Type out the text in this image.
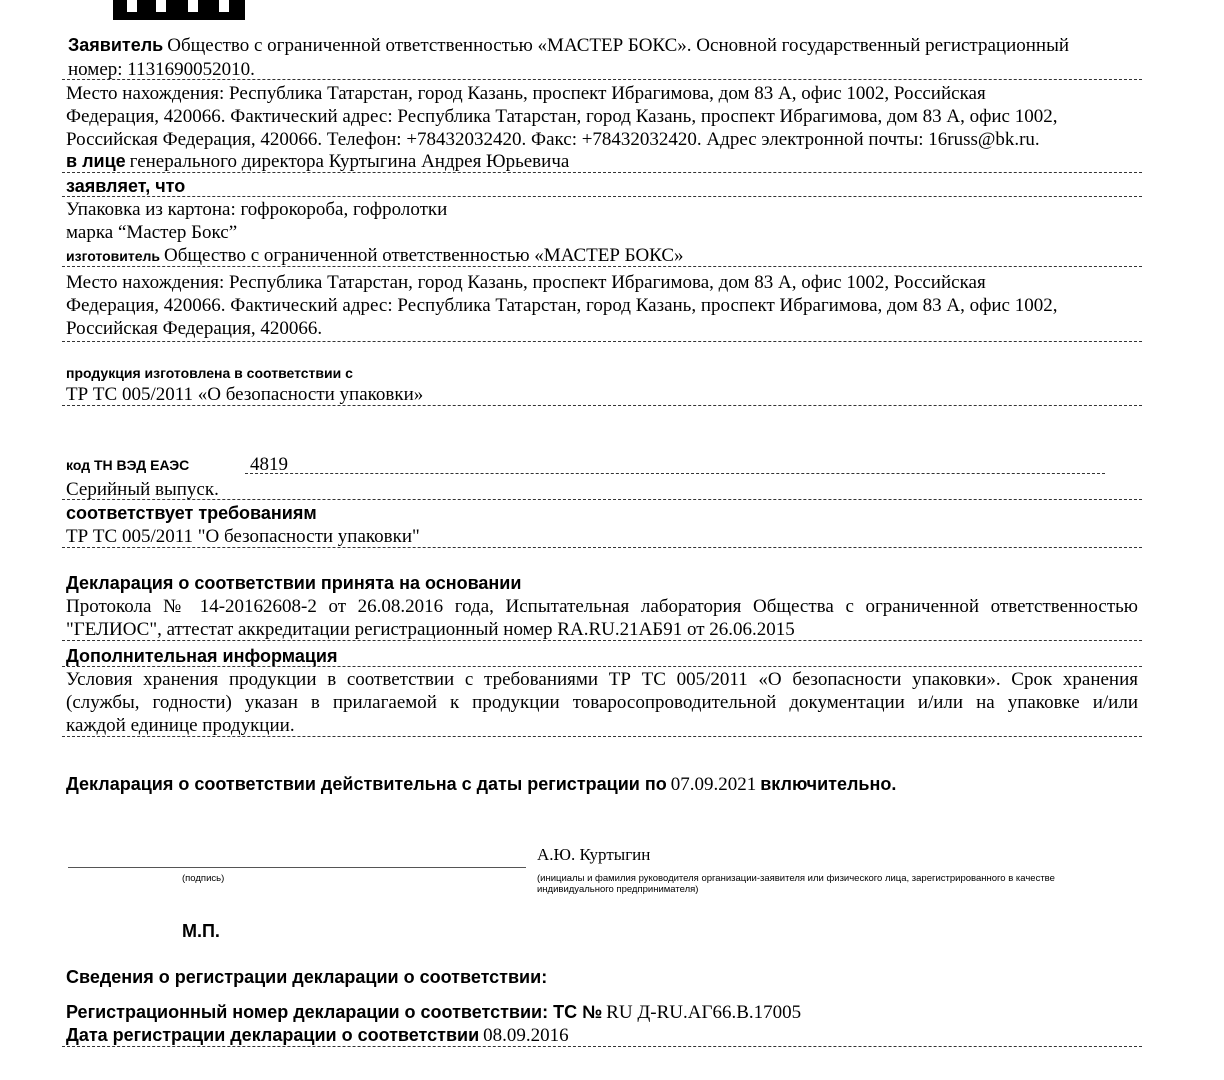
Заявитель Общество с ограниченной ответственностью «МАСТЕР БОКС». Основной государственный регистрационный
номер: 1131690052010.
Место нахождения: Республика Татарстан, город Казань, проспект Ибрагимова, дом 83 А, офис 1002, Российская
Федерация, 420066. Фактический адрес: Республика Татарстан, город Казань, проспект Ибрагимова, дом 83 А, офис 1002,
Российская Федерация, 420066. Телефон: +78432032420. Факс: +78432032420. Адрес электронной почты: 16russ@bk.ru.
в лице генерального директора Куртыгина Андрея Юрьевича
заявляет, что
Упаковка из картона: гофрокороба, гофролотки
марка “Мастер Бокс”
изготовитель Общество с ограниченной ответственностью «МАСТЕР БОКС»
Место нахождения: Республика Татарстан, город Казань, проспект Ибрагимова, дом 83 А, офис 1002, Российская
Федерация, 420066. Фактический адрес: Республика Татарстан, город Казань, проспект Ибрагимова, дом 83 А, офис 1002,
Российская Федерация, 420066.
продукция изготовлена в соответствии с
ТР ТС 005/2011 «О безопасности упаковки»
код ТН ВЭД ЕАЭС	4819
Серийный выпуск.
соответствует требованиям
ТР ТС 005/2011 "О безопасности упаковки"
Декларация о соответствии принята на основании
Протокола № 14-20162608-2 от 26.08.2016 года, Испытательная лаборатория Общества с ограниченной ответственностью
"ГЕЛИОС", аттестат аккредитации регистрационный номер RA.RU.21АБ91 от 26.06.2015
Дополнительная информация
Условия хранения продукции в соответствии с требованиями ТР ТС 005/2011 «О безопасности упаковки». Срок хранения
(службы, годности) указан в прилагаемой к продукции товаросопроводительной документации и/или на упаковке и/или
каждой единице продукции.
Декларация о соответствии действительна с даты регистрации по 07.09.2021 включительно.
А.Ю. Куртыгин
(подпись)	(инициалы и фамилия руководителя организации-заявителя или физического лица, зарегистрированного в качестве
индивидуального предпринимателя)
М.П.
Сведения о регистрации декларации о соответствии:
Регистрационный номер декларации о соответствии: ТС № RU Д-RU.АГ66.В.17005
Дата регистрации декларации о соответствии 08.09.2016
